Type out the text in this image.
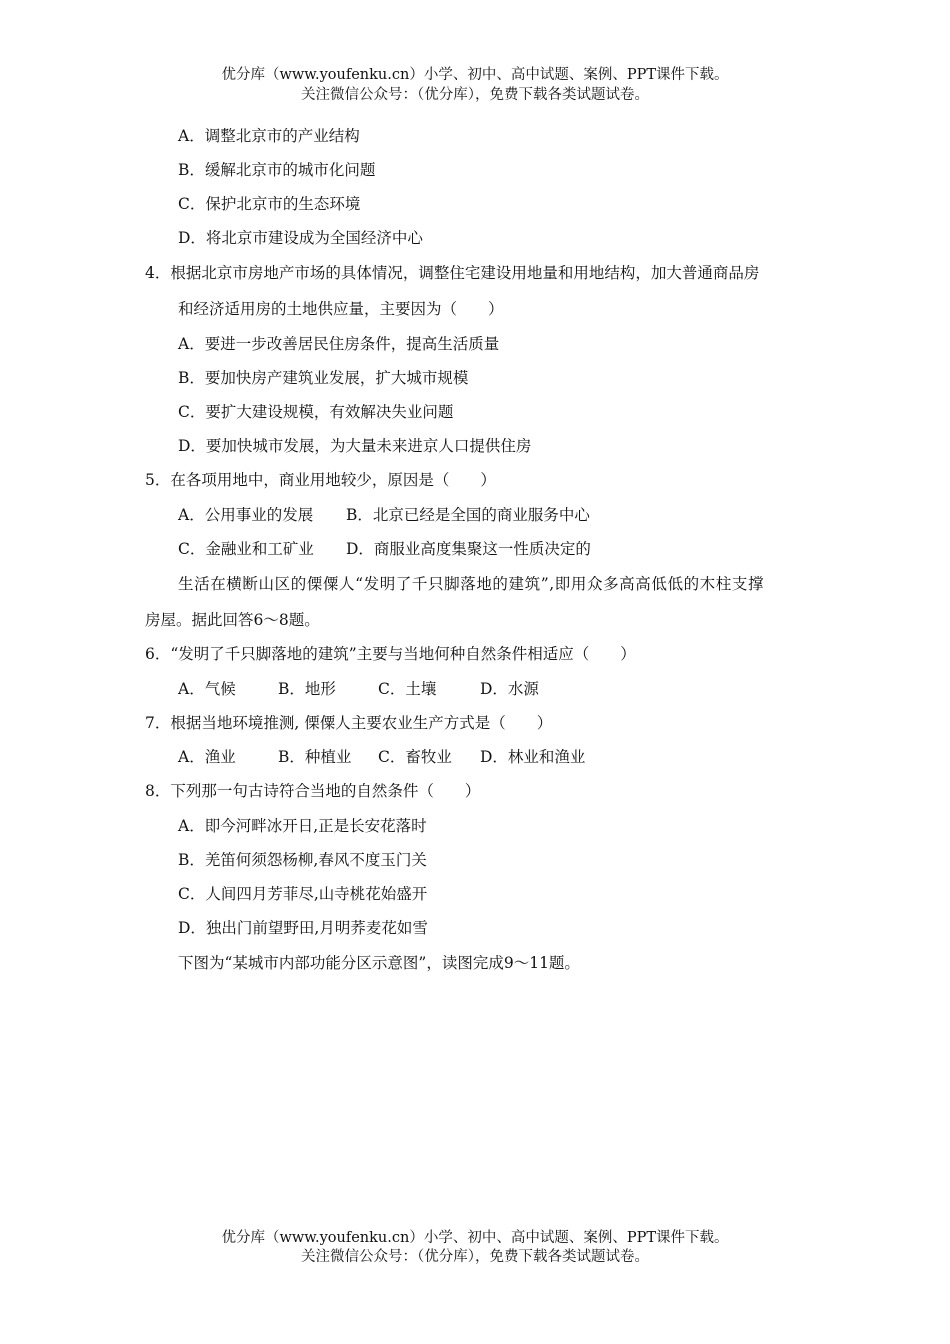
优分库（www.youfenku.cn）小学、初中、高中试题、案例、PPT课件下载。
关注微信公众号：（优分库），免费下载各类试题试卷。
A．调整北京市的产业结构
B．缓解北京市的城市化问题
C．保护北京市的生态环境
D．将北京市建设成为全国经济中心
4．根据北京市房地产市场的具体情况，调整住宅建设用地量和用地结构，加大普通商品房
和经济适用房的土地供应量，主要因为（　　）
A．要进一步改善居民住房条件，提高生活质量
B．要加快房产建筑业发展，扩大城市规模
C．要扩大建设规模，有效解决失业问题
D．要加快城市发展，为大量未来进京人口提供住房
5．在各项用地中，商业用地较少，原因是（　　）
A．公用事业的发展 B．北京已经是全国的商业服务中心
C．金融业和工矿业 D．商服业高度集聚这一性质决定的
生活在横断山区的傈僳人“发明了千只脚落地的建筑”,即用众多高高低低的木柱支撑
房屋。据此回答6～8题。
6．“发明了千只脚落地的建筑”主要与当地何种自然条件相适应（　　）
A．气候	B．地形	C．土壤	D．水源
7．根据当地环境推测, 傈僳人主要农业生产方式是（　　）
A．渔业	B．种植业 C．畜牧业 D．林业和渔业
8．下列那一句古诗符合当地的自然条件（　　）
A．即今河畔冰开日,正是长安花落时
B．羌笛何须怨杨柳,春风不度玉门关
C．人间四月芳菲尽,山寺桃花始盛开
D．独出门前望野田,月明荞麦花如雪
下图为“某城市内部功能分区示意图”，读图完成9～11题。
优分库（www.youfenku.cn）小学、初中、高中试题、案例、PPT课件下载。
关注微信公众号：（优分库），免费下载各类试题试卷。
